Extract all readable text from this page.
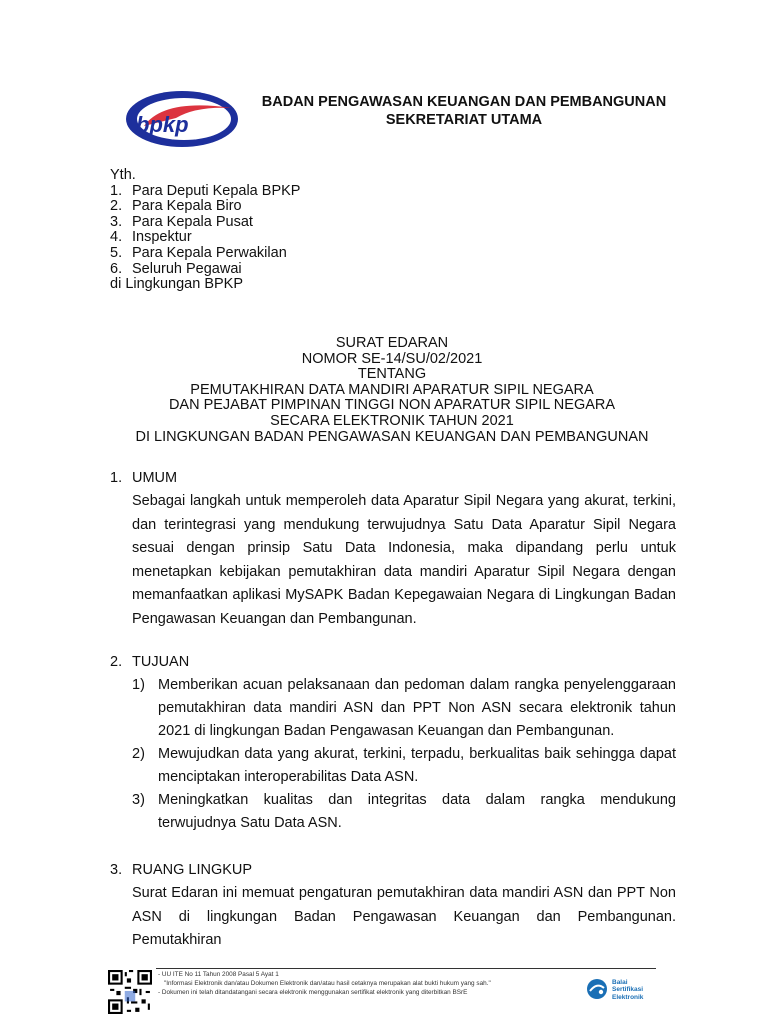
bpkp
BADAN PENGAWASAN KEUANGAN DAN PEMBANGUNAN
SEKRETARIAT UTAMA
Yth.
1. Para Deputi Kepala BPKP
2. Para Kepala Biro
3. Para Kepala Pusat
4. Inspektur
5. Para Kepala Perwakilan
6. Seluruh Pegawai
di Lingkungan BPKP
SURAT EDARAN
NOMOR SE-14/SU/02/2021
TENTANG
PEMUTAKHIRAN DATA MANDIRI APARATUR SIPIL NEGARA
DAN PEJABAT PIMPINAN TINGGI NON APARATUR SIPIL NEGARA
SECARA ELEKTRONIK TAHUN 2021
DI LINGKUNGAN BADAN PENGAWASAN KEUANGAN DAN PEMBANGUNAN
1. UMUM
Sebagai langkah untuk memperoleh data Aparatur Sipil Negara yang akurat, terkini, dan terintegrasi yang mendukung terwujudnya Satu Data Aparatur Sipil Negara sesuai dengan prinsip Satu Data Indonesia, maka dipandang perlu untuk menetapkan kebijakan pemutakhiran data mandiri Aparatur Sipil Negara dengan memanfaatkan aplikasi MySAPK Badan Kepegawaian Negara di Lingkungan Badan Pengawasan Keuangan dan Pembangunan.
2. TUJUAN
1) Memberikan acuan pelaksanaan dan pedoman dalam rangka penyelenggaraan pemutakhiran data mandiri ASN dan PPT Non ASN secara elektronik tahun 2021 di lingkungan Badan Pengawasan Keuangan dan Pembangunan.
2) Mewujudkan data yang akurat, terkini, terpadu, berkualitas baik sehingga dapat menciptakan interoperabilitas Data ASN.
3) Meningkatkan kualitas dan integritas data dalam rangka mendukung terwujudnya Satu Data ASN.
3. RUANG LINGKUP
Surat Edaran ini memuat pengaturan pemutakhiran data mandiri ASN dan PPT Non ASN di lingkungan Badan Pengawasan Keuangan dan Pembangunan. Pemutakhiran
- UU ITE No 11 Tahun 2008 Pasal 5 Ayat 1
"Informasi Elektronik dan/atau Dokumen Elektronik dan/atau hasil cetaknya merupakan alat bukti hukum yang sah."
- Dokumen ini telah ditandatangani secara elektronik menggunakan sertifikat elektronik yang diterbitkan BSrE
Balai
Sertifikasi
Elektronik
